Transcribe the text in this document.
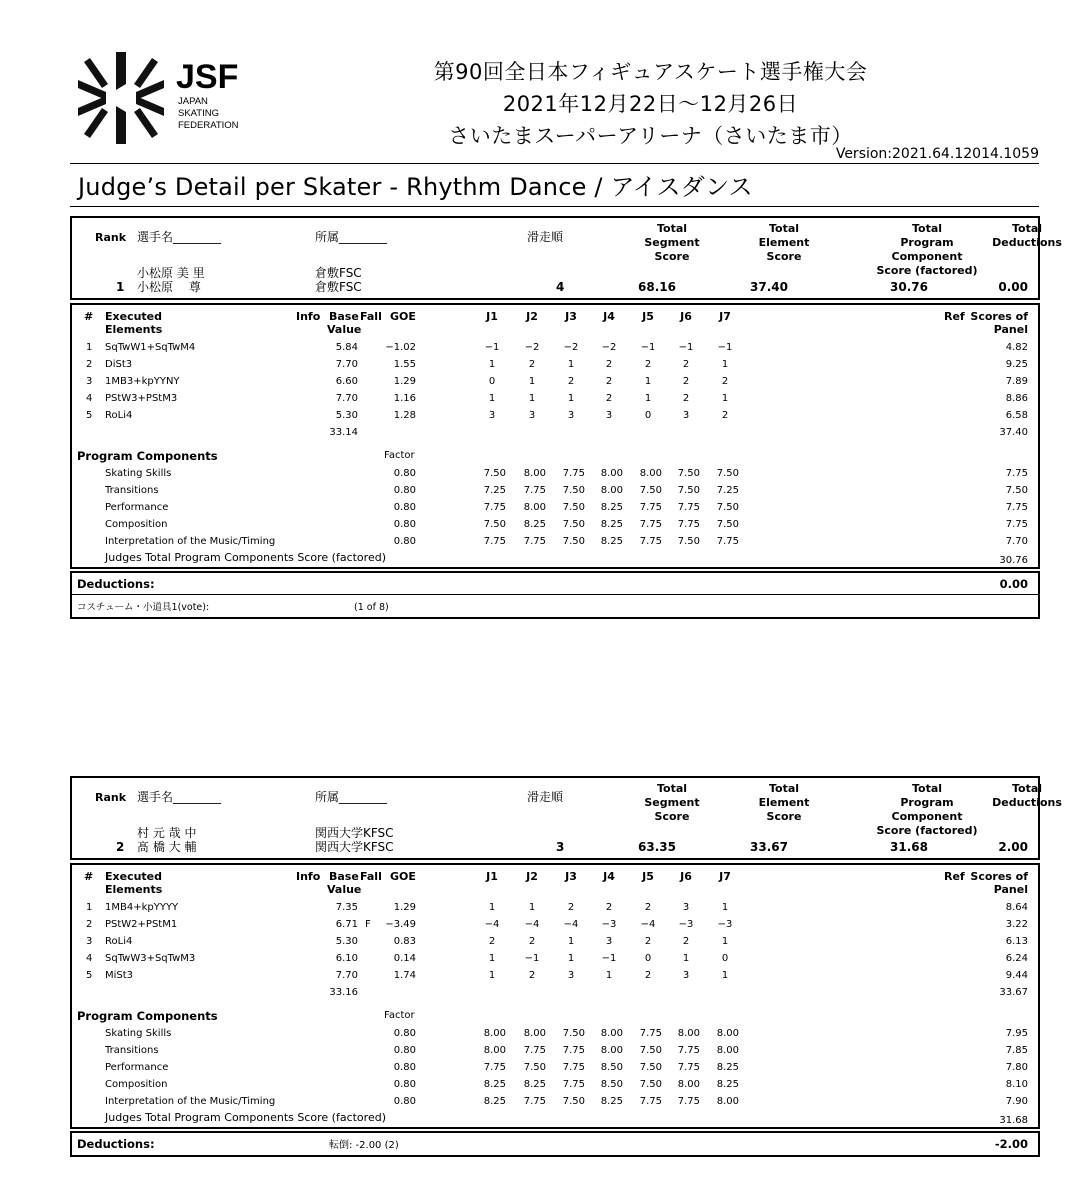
JSF
JAPAN
SKATING
FEDERATION
第90回全日本フィギュアスケート選手権大会
2021年12月22日～12月26日
さいたまスーパーアリーナ（さいたま市）
Version:2021.64.12014.1059
Judge’s Detail per Skater - Rhythm Dance / アイスダンス
Rank 選手名________	所属________	滑走順
Total
Segment
Score
Total
Element
Score
Total
Program
Component
Score (factored)
Total
Deductions
小松原 美 里
1 小松原　 尊
倉敷FSC
倉敷FSC	4	68.16	37.40	30.76	0.00
# Executed
Elements
Info Base
Value
Fall GOE	J1	J2	J3	J4	J5	J6	J7	Ref Scores of
Panel
1 SqTwW1+SqTwM4	5.84	−1.02	−1	−2	−2	−2	−1	−1	−1	4.82
2 DiSt3	7.70	1.55	1	2	1	2	2	2	1	9.25
3 1MB3+kpYYNY	6.60	1.29	0	1	2	2	1	2	2	7.89
4 PStW3+PStM3	7.70	1.16	1	1	1	2	1	2	1	8.86
5 RoLi4	5.30	1.28	3	3	3	3	0	3	2	6.58
33.14	37.40
Program Components	Factor
Skating Skills	0.80	7.50	8.00	7.75	8.00	8.00	7.50	7.50	7.75
Transitions	0.80	7.25	7.75	7.50	8.00	7.50	7.50	7.25	7.50
Performance	0.80	7.75	8.00	7.50	8.25	7.75	7.75	7.50	7.75
Composition	0.80	7.50	8.25	7.50	8.25	7.75	7.75	7.50	7.75
Interpretation of the Music/Timing	0.80	7.75	7.75	7.50	8.25	7.75	7.50	7.75	7.70
Judges Total Program Components Score (factored)	30.76
Deductions:	0.00
コスチューム・小道具1(vote):	(1 of 8)
Rank 選手名________	所属________	滑走順
Total
Segment
Score
Total
Element
Score
Total
Program
Component
Score (factored)
Total
Deductions
村 元 哉 中
2 髙 橋 大 輔
関西大学KFSC
関西大学KFSC	3	63.35	33.67	31.68	2.00
# Executed
Elements
Info Base
Value
Fall GOE	J1	J2	J3	J4	J5	J6	J7	Ref Scores of
Panel
1 1MB4+kpYYYY	7.35	1.29	1	1	2	2	2	3	1	8.64
2 PStW2+PStM1	6.71 F	−3.49	−4	−4	−4	−3	−4	−3	−3	3.22
3 RoLi4	5.30	0.83	2	2	1	3	2	2	1	6.13
4 SqTwW3+SqTwM3	6.10	0.14	1	−1	1	−1	0	1	0	6.24
5 MiSt3	7.70	1.74	1	2	3	1	2	3	1	9.44
33.16	33.67
Program Components	Factor
Skating Skills	0.80	8.00	8.00	7.50	8.00	7.75	8.00	8.00	7.95
Transitions	0.80	8.00	7.75	7.75	8.00	7.50	7.75	8.00	7.85
Performance	0.80	7.75	7.50	7.75	8.50	7.50	7.75	8.25	7.80
Composition	0.80	8.25	8.25	7.75	8.50	7.50	8.00	8.25	8.10
Interpretation of the Music/Timing	0.80	8.25	7.75	7.50	8.25	7.75	7.75	8.00	7.90
Judges Total Program Components Score (factored)	31.68
Deductions:	-2.00
転倒: -2.00 (2)
